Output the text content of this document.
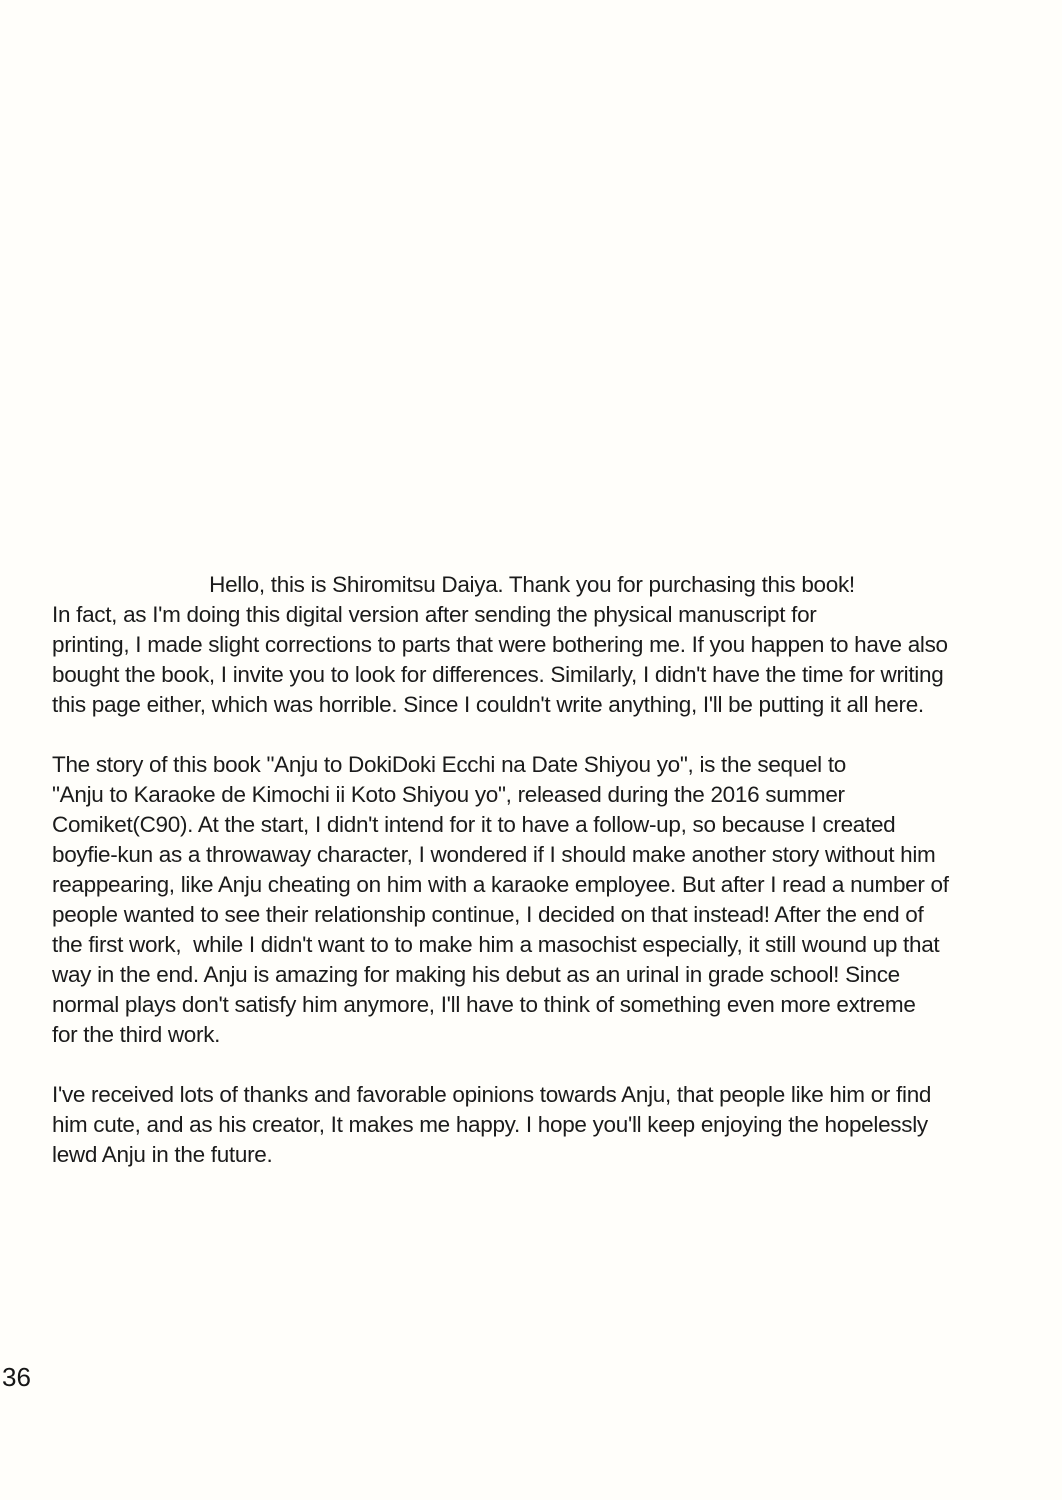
Hello, this is Shiromitsu Daiya. Thank you for purchasing this book!
In fact, as I'm doing this digital version after sending the physical manuscript for
printing, I made slight corrections to parts that were bothering me. If you happen to have also
bought the book, I invite you to look for differences. Similarly, I didn't have the time for writing
this page either, which was horrible. Since I couldn't write anything, I'll be putting it all here.
The story of this book "Anju to DokiDoki Ecchi na Date Shiyou yo", is the sequel to
"Anju to Karaoke de Kimochi ii Koto Shiyou yo", released during the 2016 summer
Comiket(C90). At the start, I didn't intend for it to have a follow-up, so because I created
boyfie-kun as a throwaway character, I wondered if I should make another story without him
reappearing, like Anju cheating on him with a karaoke employee. But after I read a number of
people wanted to see their relationship continue, I decided on that instead! After the end of
the first work,  while I didn't want to to make him a masochist especially, it still wound up that
way in the end. Anju is amazing for making his debut as an urinal in grade school! Since
normal plays don't satisfy him anymore, I'll have to think of something even more extreme
for the third work.
I've received lots of thanks and favorable opinions towards Anju, that people like him or find
him cute, and as his creator, It makes me happy. I hope you'll keep enjoying the hopelessly
lewd Anju in the future.
36
